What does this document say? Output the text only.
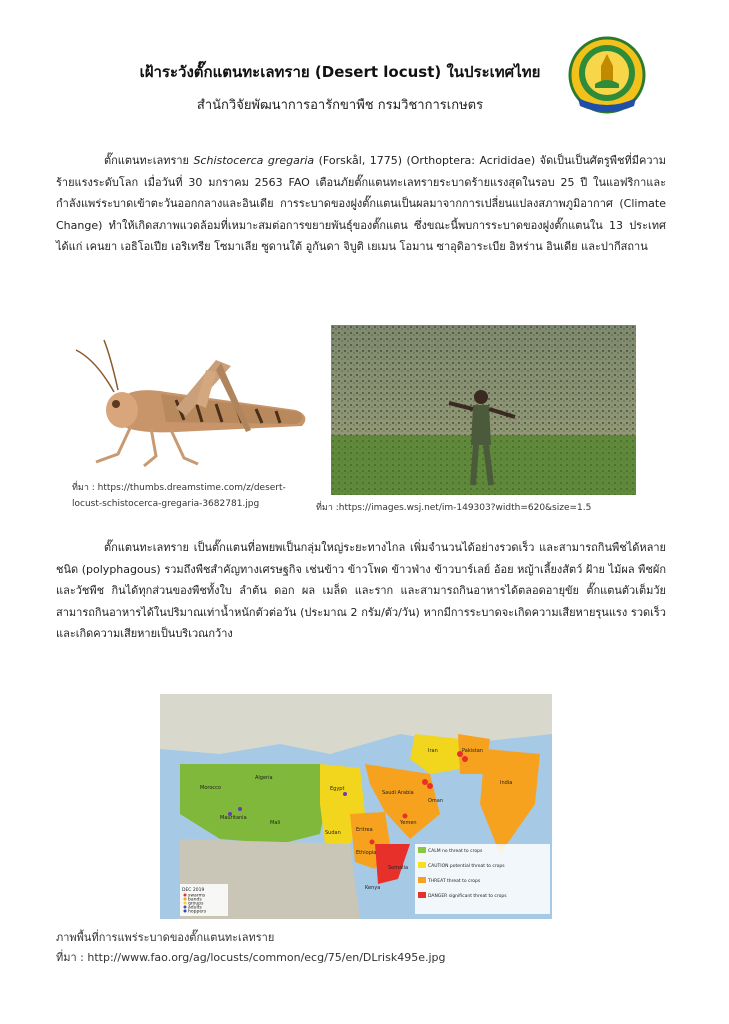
เฝ้าระวังตั๊กแตนทะเลทราย (Desert locust) ในประเทศไทย
สำนักวิจัยพัฒนาการอารักขาพืช กรมวิชาการเกษตร
ตั๊กแตนทะเลทราย Schistocerca gregaria (Forskål, 1775) (Orthoptera: Acrididae) จัดเป็นเป็นศัตรูพืชที่มีความร้ายแรงระดับโลก เมื่อวันที่ 30 มกราคม 2563 FAO เตือนภัยตั๊กแตนทะเลทรายระบาดร้ายแรงสุดในรอบ 25 ปี ในแอฟริกาและกำลังแพร่ระบาดเข้าตะวันออกกลางและอินเดีย การระบาดของฝูงตั๊กแตนเป็นผลมาจากการเปลี่ยนแปลงสภาพภูมิอากาศ (Climate Change) ทำให้เกิดสภาพแวดล้อมที่เหมาะสมต่อการขยายพันธุ์ของตั๊กแตน ซึ่งขณะนี้พบการระบาดของฝูงตั๊กแตนใน 13 ประเทศ ได้แก่ เคนยา เอธิโอเปีย เอริเทรีย โซมาเลีย ซูดานใต้ อูกันดา จิบูติ เยเมน โอมาน ซาอุดิอาระเบีย อิหร่าน อินเดีย และปากีสถาน
ที่มา : https://thumbs.dreamstime.com/z/desert-locust-schistocerca-gregaria-3682781.jpg	ที่มา :https://images.wsj.net/im-149303?width=620&size=1.5
ตั๊กแตนทะเลทราย เป็นตั๊กแตนที่อพยพเป็นกลุ่มใหญ่ระยะทางไกล เพิ่มจำนวนได้อย่างรวดเร็ว และสามารถกินพืชได้หลายชนิด (polyphagous) รวมถึงพืชสำคัญทางเศรษฐกิจ เช่นข้าว ข้าวโพด ข้าวฟ่าง ข้าวบาร์เลย์ อ้อย หญ้าเลี้ยงสัตว์ ฝ้าย ไม้ผล พืชผัก และวัชพืช กินได้ทุกส่วนของพืชทั้งใบ ลำต้น ดอก ผล เมล็ด และราก และสามารถกินอาหารได้ตลอดอายุขัย ตั๊กแตนตัวเต็มวัยสามารถกินอาหารได้ในปริมาณเท่าน้ำหนักตัวต่อวัน (ประมาณ 2 กรัม/ตัว/วัน) หากมีการระบาดจะเกิดความเสียหายรุนแรง รวดเร็ว และเกิดความเสียหายเป็นบริเวณกว้าง
Morocco
Algeria
Mauritania
Mali
Egypt
Sudan	Eritrea
Ethiopia
Somalia
Kenya
Saudi Arabia
Yemen
Oman
Iran	Pakistan
India
DEC 2019
swarms
bands
groups
adults
hoppers
CALM no threat to crops
CAUTION potential threat to crops
THREAT threat to crops
DANGER significant threat to crops
ภาพพื้นที่การแพร่ระบาดของตั๊กแตนทะเลทราย
ที่มา : http://www.fao.org/ag/locusts/common/ecg/75/en/DLrisk495e.jpg
